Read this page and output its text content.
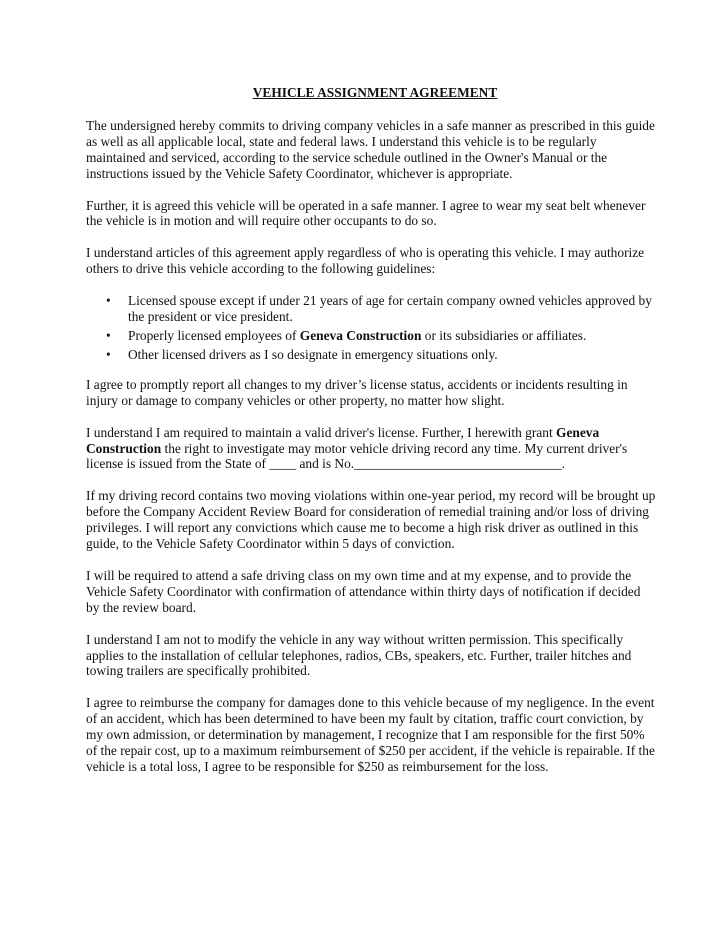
VEHICLE ASSIGNMENT AGREEMENT

The undersigned hereby commits to driving company vehicles in a safe manner as prescribed in this guide as well as all applicable local, state and federal laws. I understand this vehicle is to be regularly maintained and serviced, according to the service schedule outlined in the Owner's Manual or the instructions issued by the Vehicle Safety Coordinator, whichever is appropriate.

Further, it is agreed this vehicle will be operated in a safe manner. I agree to wear my seat belt whenever the vehicle is in motion and will require other occupants to do so.

I understand articles of this agreement apply regardless of who is operating this vehicle. I may authorize others to drive this vehicle according to the following guidelines:

• Licensed spouse except if under 21 years of age for certain company owned vehicles approved by the president or vice president.
• Properly licensed employees of Geneva Construction or its subsidiaries or affiliates.
• Other licensed drivers as I so designate in emergency situations only.

I agree to promptly report all changes to my driver’s license status, accidents or incidents resulting in injury or damage to company vehicles or other property, no matter how slight.

I understand I am required to maintain a valid driver's license. Further, I herewith grant Geneva Construction the right to investigate may motor vehicle driving record any time. My current driver's license is issued from the State of ____ and is No._______________________________.

If my driving record contains two moving violations within one-year period, my record will be brought up before the Company Accident Review Board for consideration of remedial training and/or loss of driving privileges. I will report any convictions which cause me to become a high risk driver as outlined in this guide, to the Vehicle Safety Coordinator within 5 days of conviction.

I will be required to attend a safe driving class on my own time and at my expense, and to provide the Vehicle Safety Coordinator with confirmation of attendance within thirty days of notification if decided by the review board.

I understand I am not to modify the vehicle in any way without written permission. This specifically applies to the installation of cellular telephones, radios, CBs, speakers, etc. Further, trailer hitches and towing trailers are specifically prohibited.

I agree to reimburse the company for damages done to this vehicle because of my negligence. In the event of an accident, which has been determined to have been my fault by citation, traffic court conviction, by my own admission, or determination by management, I recognize that I am responsible for the first 50% of the repair cost, up to a maximum reimbursement of $250 per accident, if the vehicle is repairable. If the vehicle is a total loss, I agree to be responsible for $250 as reimbursement for the loss.
